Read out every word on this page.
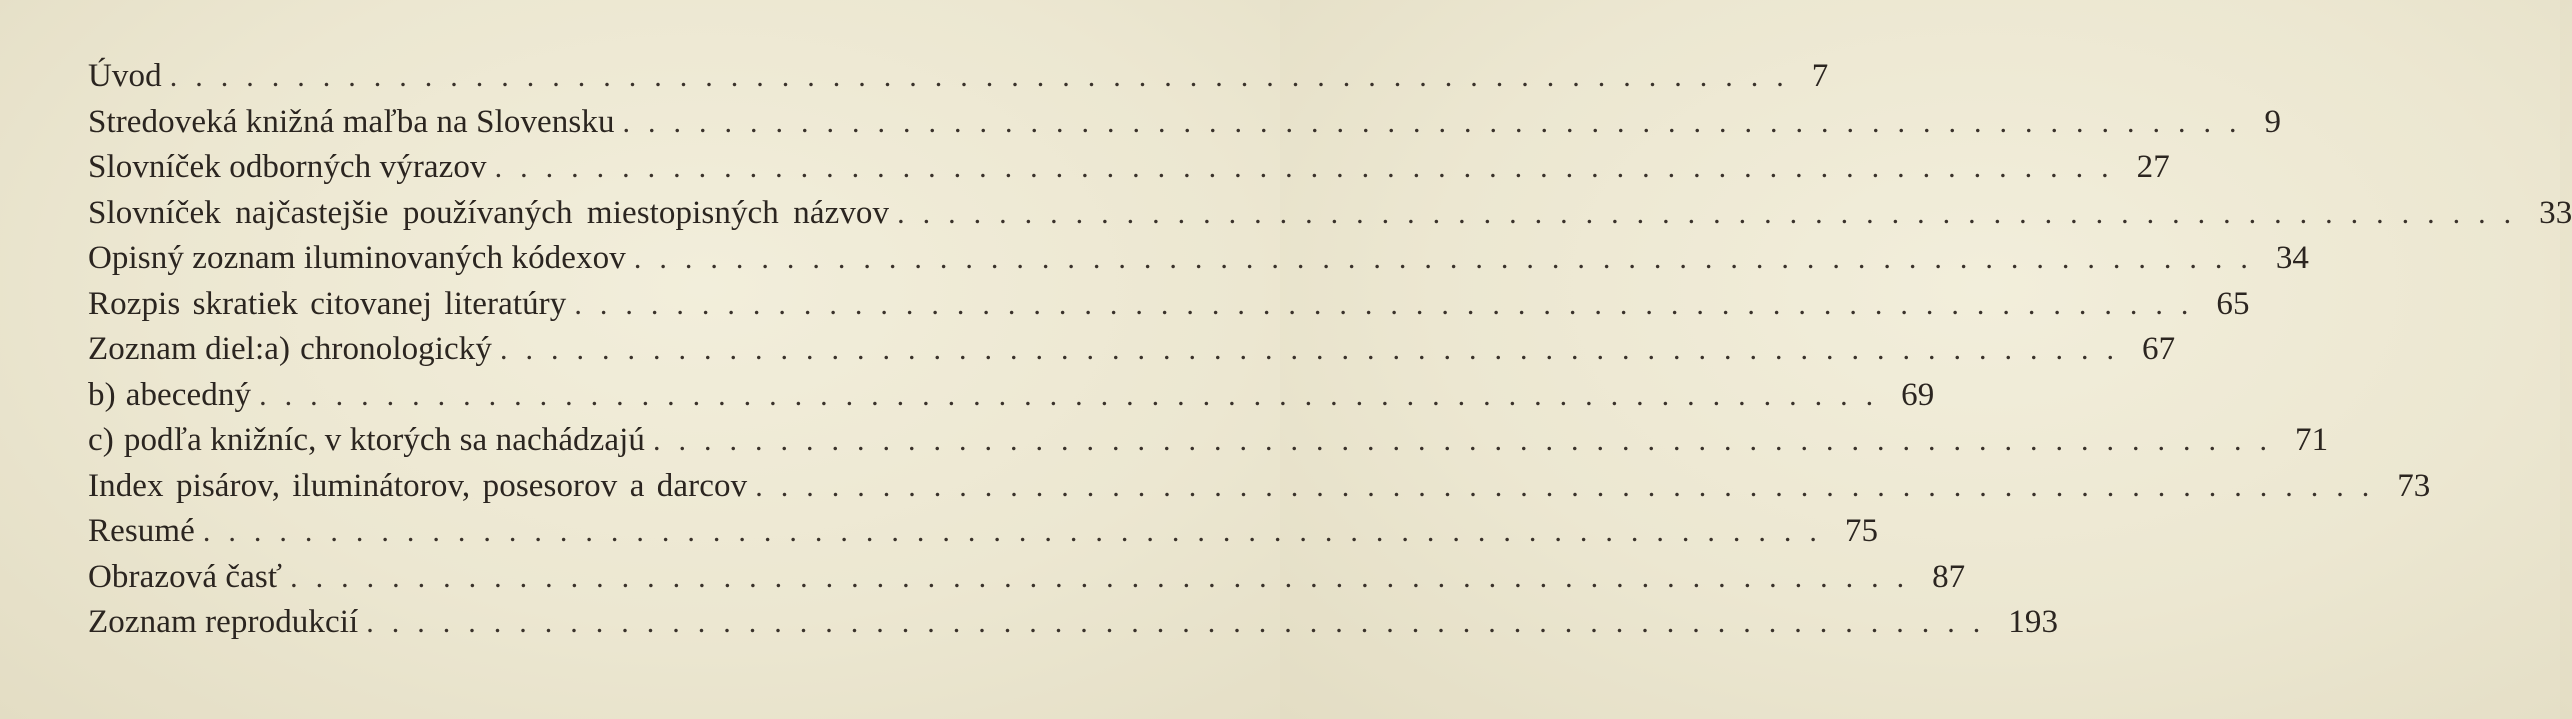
Úvod ................................................................ 7
Stredoveká knižná maľba na Slovensku ................................................................ 9
Slovníček odborných výrazov ................................................................ 27
Slovníček najčastejšie používaných miestopisných názvov ................................................................ 33
Opisný zoznam iluminovaných kódexov ................................................................ 34
Rozpis skratiek citovanej literatúry ................................................................ 65
Zoznam diel: a) chronologický ................................................................ 67
b) abecedný ................................................................ 69
c) podľa knižníc, v ktorých sa nachádzajú ................................................................ 71
Index pisárov, iluminátorov, posesorov a darcov ................................................................ 73
Resumé ................................................................ 75
Obrazová časť ................................................................ 87
Zoznam reprodukcií ................................................................ 193
